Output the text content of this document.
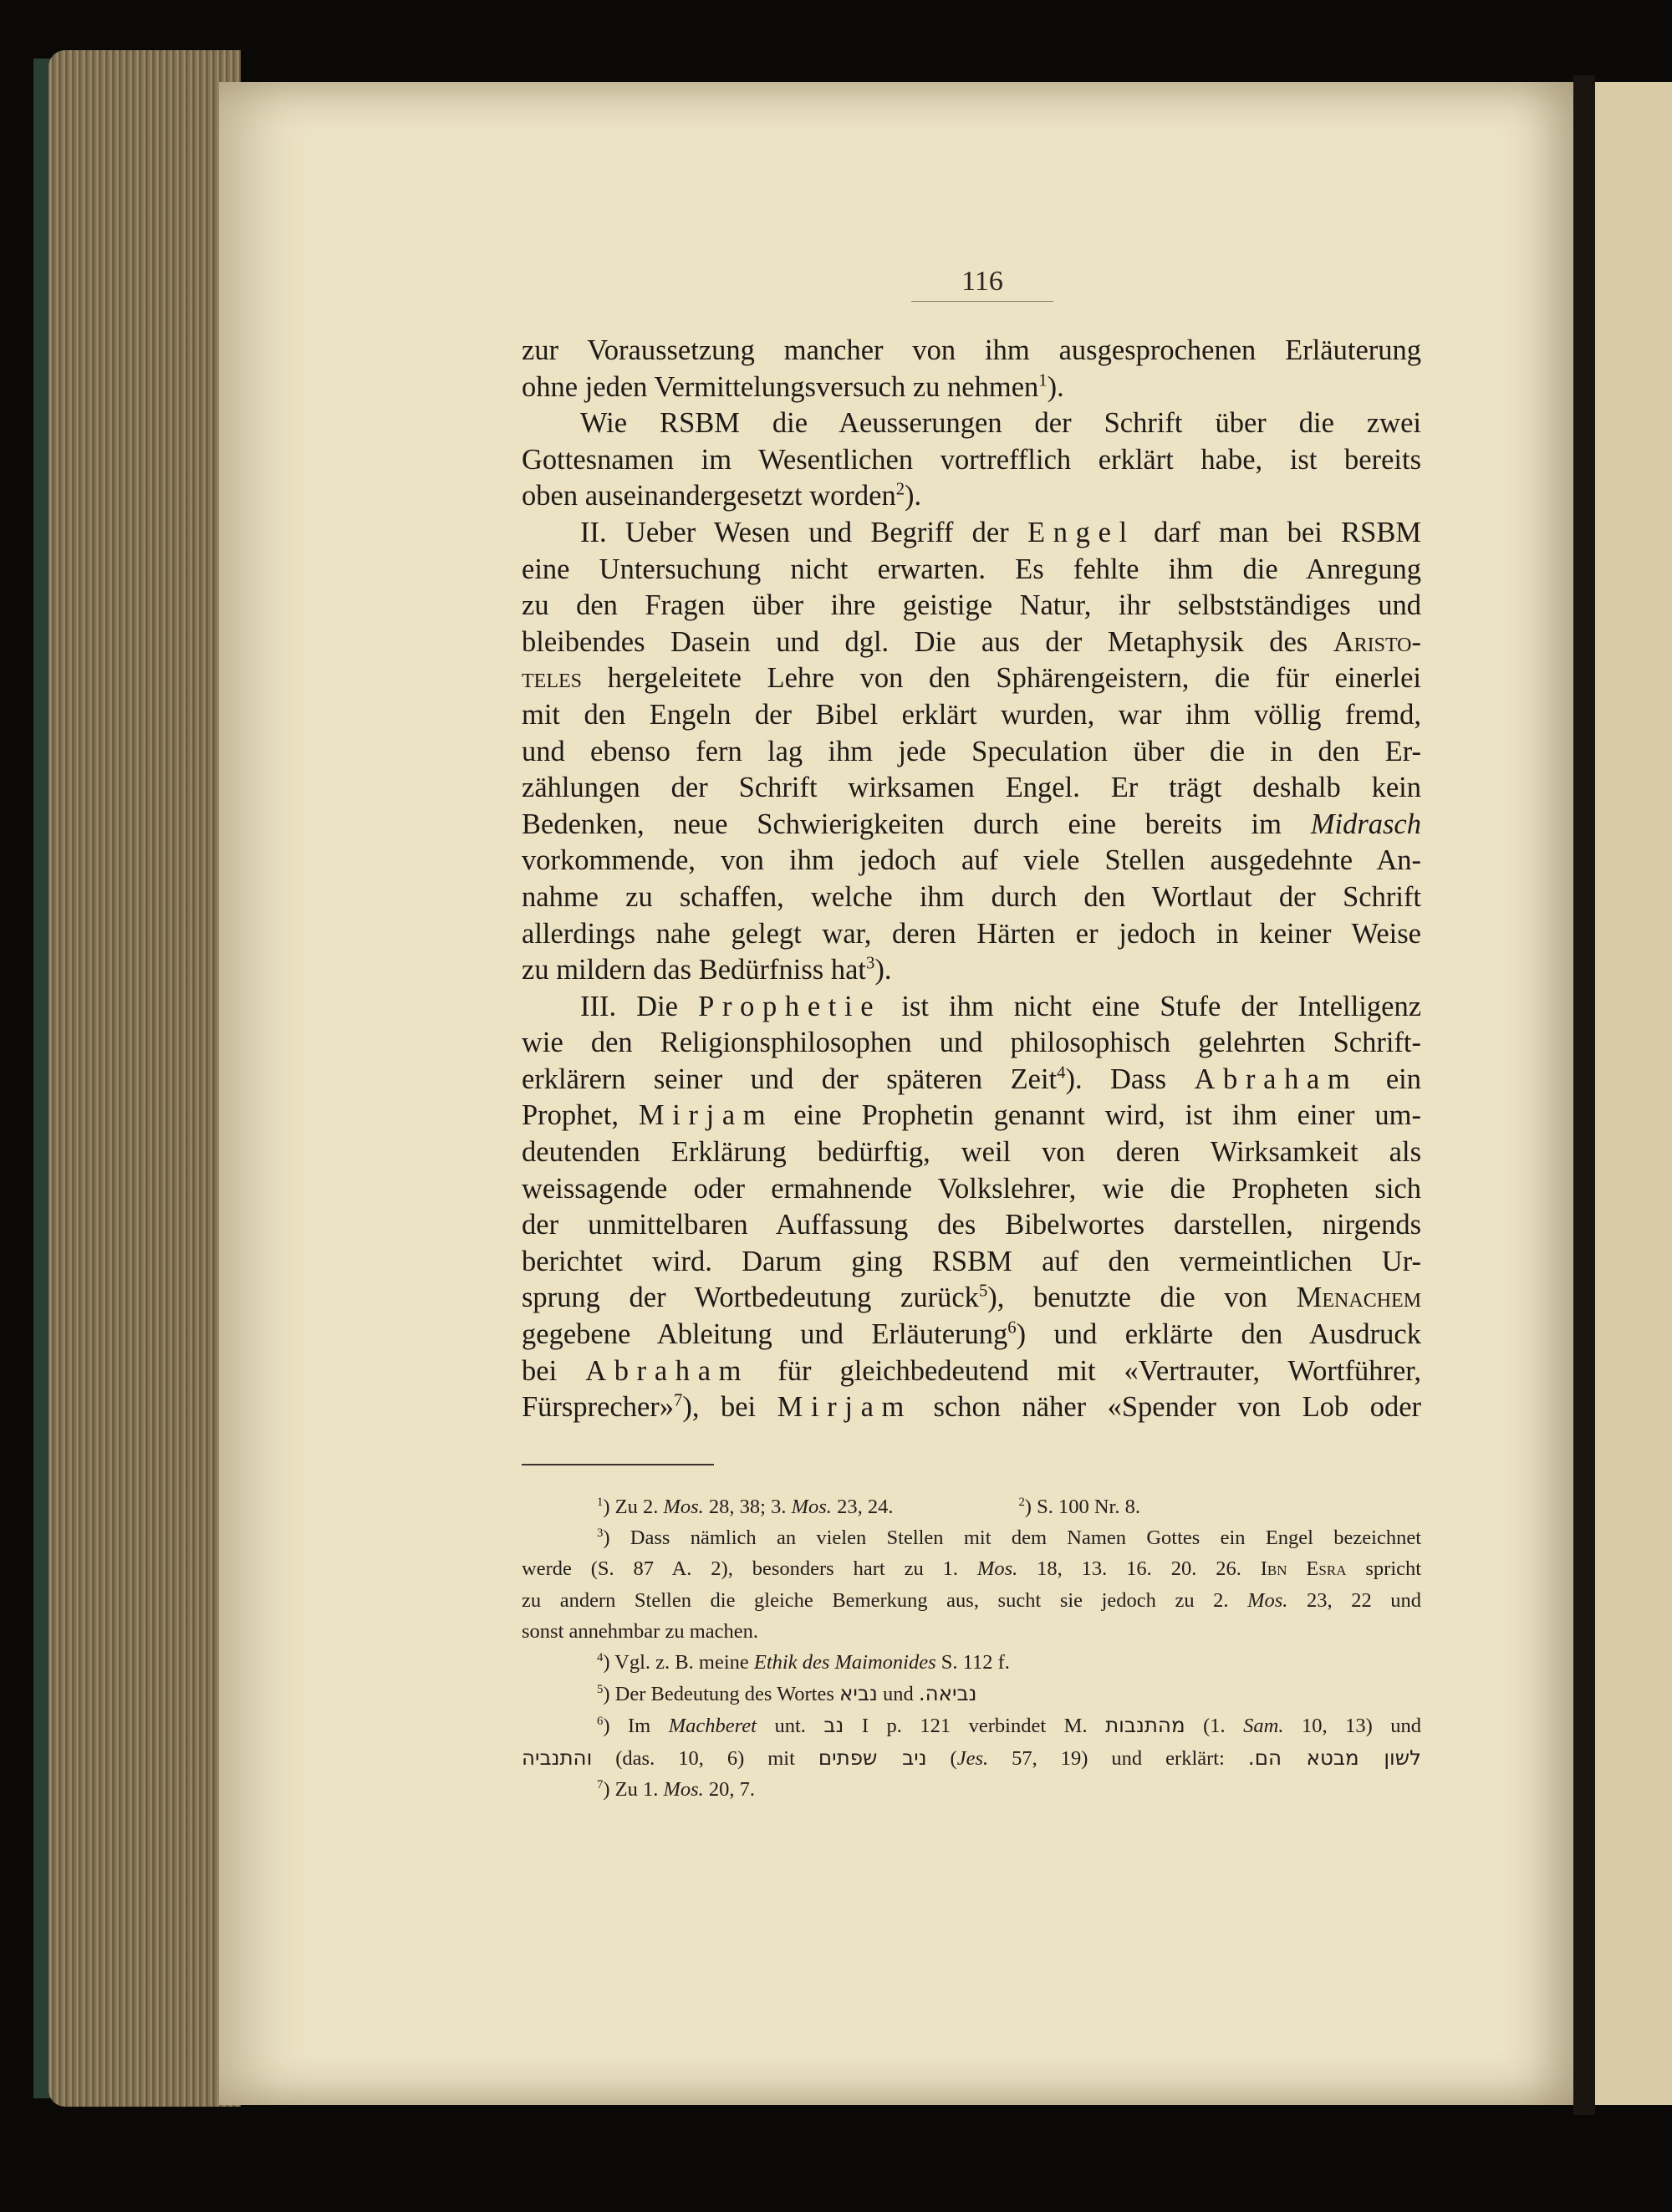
116
zur Voraussetzung mancher von ihm ausgesprochenen Erläuterung
ohne jeden Vermittelungsversuch zu nehmen$^1$).
Wie RSBM die Aeusserungen der Schrift über die zwei
Gottesnamen im Wesentlichen vortrefflich erklärt habe, ist bereits
oben auseinandergesetzt worden$^2$).
II. Ueber Wesen und Begriff der Engel darf man bei RSBM
eine Untersuchung nicht erwarten. Es fehlte ihm die Anregung
zu den Fragen über ihre geistige Natur, ihr selbstständiges und
bleibendes Dasein und dgl. Die aus der Metaphysik des Aristo-
teles hergeleitete Lehre von den Sphärengeistern, die für einerlei
mit den Engeln der Bibel erklärt wurden, war ihm völlig fremd,
und ebenso fern lag ihm jede Speculation über die in den Er-
zählungen der Schrift wirksamen Engel. Er trägt deshalb kein
Bedenken, neue Schwierigkeiten durch eine bereits im Midrasch
vorkommende, von ihm jedoch auf viele Stellen ausgedehnte An-
nahme zu schaffen, welche ihm durch den Wortlaut der Schrift
allerdings nahe gelegt war, deren Härten er jedoch in keiner Weise
zu mildern das Bedürfniss hat$^3$).
III. Die Prophetie ist ihm nicht eine Stufe der Intelligenz
wie den Religionsphilosophen und philosophisch gelehrten Schrift-
erklärern seiner und der späteren Zeit$^4$). Dass Abraham ein
Prophet, Mirjam eine Prophetin genannt wird, ist ihm einer um-
deutenden Erklärung bedürftig, weil von deren Wirksamkeit als
weissagende oder ermahnende Volkslehrer, wie die Propheten sich
der unmittelbaren Auffassung des Bibelwortes darstellen, nirgends
berichtet wird. Darum ging RSBM auf den vermeintlichen Ur-
sprung der Wortbedeutung zurück$^5$), benutzte die von Menachem
gegebene Ableitung und Erläuterung$^6$) und erklärte den Ausdruck
bei Abraham für gleichbedeutend mit «Vertrauter, Wortführer,
Fürsprecher»$^7$), bei Mirjam schon näher «Spender von Lob oder
$^1$) Zu 2. Mos. 28, 38; 3. Mos. 23, 24.	$^2$) S. 100 Nr. 8.
$^3$) Dass nämlich an vielen Stellen mit dem Namen Gottes ein Engel bezeichnet
werde (S. 87 A. 2), besonders hart zu 1. Mos. 18, 13. 16. 20. 26. Ibn Esra spricht
zu andern Stellen die gleiche Bemerkung aus, sucht sie jedoch zu 2. Mos. 23, 22 und
sonst annehmbar zu machen.
$^4$) Vgl. z. B. meine Ethik des Maimonides S. 112 f.
$^5$) Der Bedeutung des Wortes נביא und נביאה.
$^6$) Im Machberet unt. נב I p. 121 verbindet M. מהתנבות (1. Sam. 10, 13) und
והתנביה (das. 10, 6) mit ניב שפתים (Jes. 57, 19) und erklärt: לשון מבטא הם.
$^7$) Zu 1. Mos. 20, 7.
